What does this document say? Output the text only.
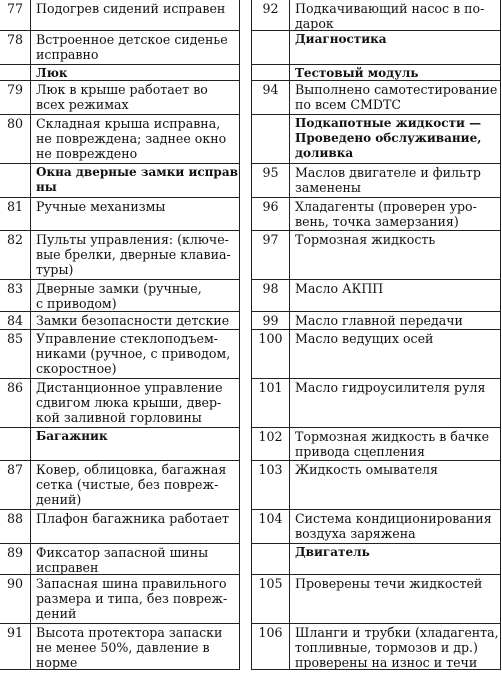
77	Подогрев сидений исправен
78	Встроенное детское сиденье
исправно
Люк
79	Люк в крыше работает во
всех режимах
80	Складная крыша исправна,
не повреждена; заднее окно
не повреждено
Окна дверные замки исправ
ны
81	Ручные механизмы
82	Пульты управления: (ключе-
вые брелки, дверные клавиа-
туры)
83	Дверные замки (ручные,
с приводом)
84	Замки безопасности детские
85	Управление стеклоподъем-
никами (ручное, с приводом,
скоростное)
86	Дистанционное управление
сдвигом люка крыши, двер-
кой заливной горловины
Багажник
87	Ковер, облицовка, багажная
сетка (чистые, без повреж-
дений)
88	Плафон багажника работает
89	Фиксатор запасной шины
исправен
90	Запасная шина правильного
размера и типа, без повреж-
дений
91	Высота протектора запаски
не менее 50%, давление в
норме
92	Подкачивающий насос в по-
дарок
Диагностика
Тестовый модуль
94	Выполнено самотестирование
по всем CMDTC
Подкапотные жидкости —
Проведено обслуживание,
доливка
95	Маслов двигателе и фильтр
заменены
96	Хладагенты (проверен уро-
вень, точка замерзания)
97	Тормозная жидкость
98	Масло АКПП
99	Масло главной передачи
100 Масло ведущих осей
101 Масло гидроусилителя руля
102 Тормозная жидкость в бачке
привода сцепления
103 Жидкость омывателя
104 Система кондиционирования
воздуха заряжена
Двигатель
105 Проверены течи жидкостей
106 Шланги и трубки (хладагента,
топливные, тормозов и др.)
проверены на износ и течи
